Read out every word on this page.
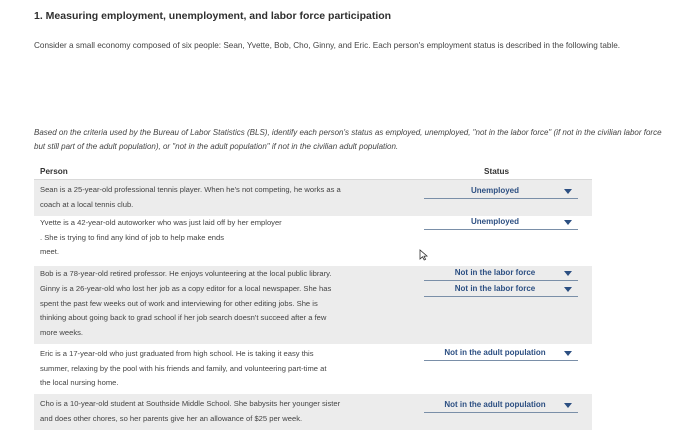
1. Measuring employment, unemployment, and labor force participation
Consider a small economy composed of six people: Sean, Yvette, Bob, Cho, Ginny, and Eric. Each person's employment status is described in the following table.
Based on the criteria used by the Bureau of Labor Statistics (BLS), identify each person's status as employed, unemployed, "not in the labor force" (if not in the civilian labor force but still part of the adult population), or "not in the adult population" if not in the civilian adult population.
Person	Status
Sean is a 25-year-old professional tennis player. When he's not competing, he works as a
coach at a local tennis club.
Unemployed
Yvette is a 42-year-old autoworker who was just laid off by her employer
. She is trying to find any kind of job to help make ends
meet.
Unemployed
Bob is a 78-year-old retired professor. He enjoys volunteering at the local public library.	Not in the labor force
Ginny is a 26-year-old who lost her job as a copy editor for a local newspaper. She has
spent the past few weeks out of work and interviewing for other editing jobs. She is
thinking about going back to grad school if her job search doesn't succeed after a few
more weeks.
Not in the labor force
Eric is a 17-year-old who just graduated from high school. He is taking it easy this
summer, relaxing by the pool with his friends and family, and volunteering part-time at
the local nursing home.
Not in the adult population
Cho is a 10-year-old student at Southside Middle School. She babysits her younger sister
and does other chores, so her parents give her an allowance of $25 per week.
Not in the adult population
